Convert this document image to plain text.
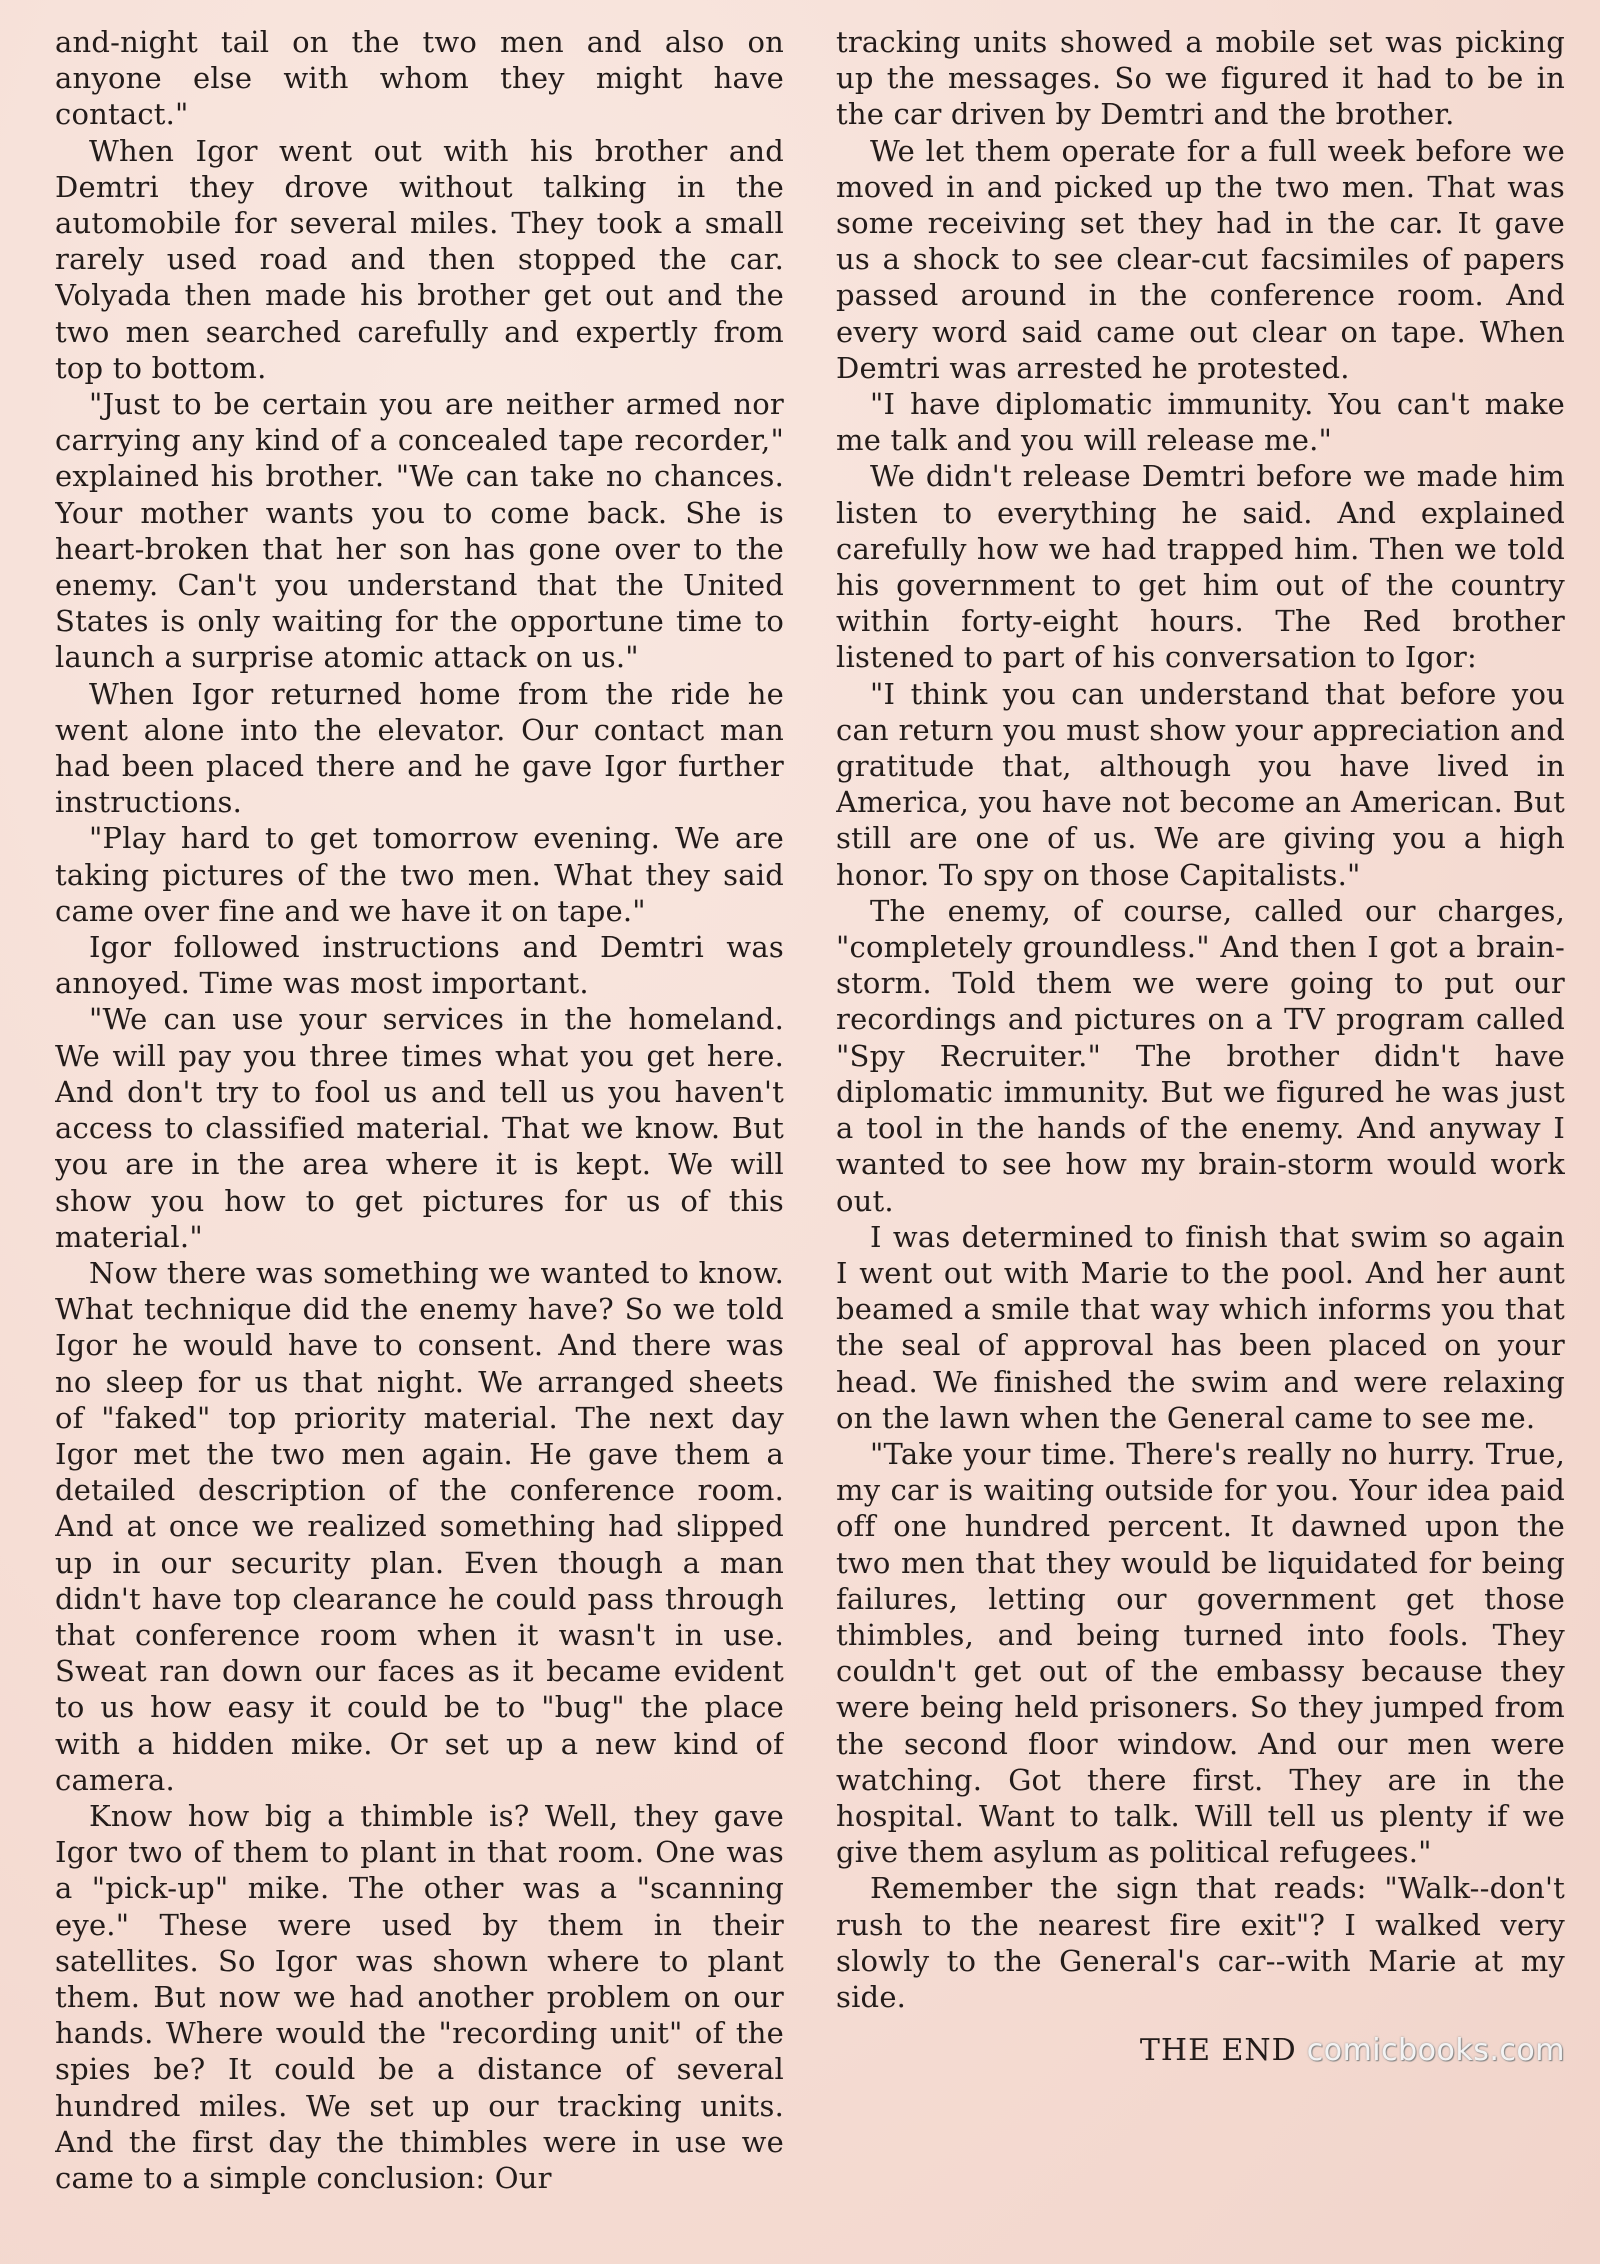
and-night tail on the two men and also on anyone else with whom they might have contact."

When Igor went out with his brother and Demtri they drove without talking in the automobile for several miles. They took a small rarely used road and then stopped the car. Volyada then made his brother get out and the two men searched carefully and expertly from top to bottom.

"Just to be certain you are neither armed nor carrying any kind of a concealed tape recorder," explained his brother. "We can take no chances. Your mother wants you to come back. She is heart-broken that her son has gone over to the enemy. Can't you understand that the United States is only waiting for the opportune time to launch a surprise atomic attack on us."

When Igor returned home from the ride he went alone into the elevator. Our contact man had been placed there and he gave Igor further instructions.

"Play hard to get tomorrow evening. We are taking pictures of the two men. What they said came over fine and we have it on tape."

Igor followed instructions and Demtri was annoyed. Time was most important.

"We can use your services in the homeland. We will pay you three times what you get here. And don't try to fool us and tell us you haven't access to classified material. That we know. But you are in the area where it is kept. We will show you how to get pictures for us of this material."

Now there was something we wanted to know. What technique did the enemy have? So we told Igor he would have to consent. And there was no sleep for us that night. We arranged sheets of "faked" top priority material. The next day Igor met the two men again. He gave them a detailed description of the conference room. And at once we realized something had slipped up in our security plan. Even though a man didn't have top clearance he could pass through that conference room when it wasn't in use. Sweat ran down our faces as it became evident to us how easy it could be to "bug" the place with a hidden mike. Or set up a new kind of camera.

Know how big a thimble is? Well, they gave Igor two of them to plant in that room. One was a "pick-up" mike. The other was a "scanning eye." These were used by them in their satellites. So Igor was shown where to plant them. But now we had another problem on our hands. Where would the "recording unit" of the spies be? It could be a distance of several hundred miles. We set up our tracking units. And the first day the thimbles were in use we came to a simple conclusion: Our

tracking units showed a mobile set was picking up the messages. So we figured it had to be in the car driven by Demtri and the brother.

We let them operate for a full week before we moved in and picked up the two men. That was some receiving set they had in the car. It gave us a shock to see clear-cut facsimiles of papers passed around in the conference room. And every word said came out clear on tape. When Demtri was arrested he protested.

"I have diplomatic immunity. You can't make me talk and you will release me."

We didn't release Demtri before we made him listen to everything he said. And explained carefully how we had trapped him. Then we told his government to get him out of the country within forty-eight hours. The Red brother listened to part of his conversation to Igor:

"I think you can understand that before you can return you must show your appreciation and gratitude that, although you have lived in America, you have not become an American. But still are one of us. We are giving you a high honor. To spy on those Capitalists."

The enemy, of course, called our charges, "completely groundless." And then I got a brain-storm. Told them we were going to put our recordings and pictures on a TV program called "Spy Recruiter." The brother didn't have diplomatic immunity. But we figured he was just a tool in the hands of the enemy. And anyway I wanted to see how my brain-storm would work out.

I was determined to finish that swim so again I went out with Marie to the pool. And her aunt beamed a smile that way which informs you that the seal of approval has been placed on your head. We finished the swim and were relaxing on the lawn when the General came to see me.

"Take your time. There's really no hurry. True, my car is waiting outside for you. Your idea paid off one hundred percent. It dawned upon the two men that they would be liquidated for being failures, letting our government get those thimbles, and being turned into fools. They couldn't get out of the embassy because they were being held prisoners. So they jumped from the second floor window. And our men were watching. Got there first. They are in the hospital. Want to talk. Will tell us plenty if we give them asylum as political refugees."

Remember the sign that reads: "Walk--don't rush to the nearest fire exit"? I walked very slowly to the General's car--with Marie at my side.

THE END comicbooks.com
